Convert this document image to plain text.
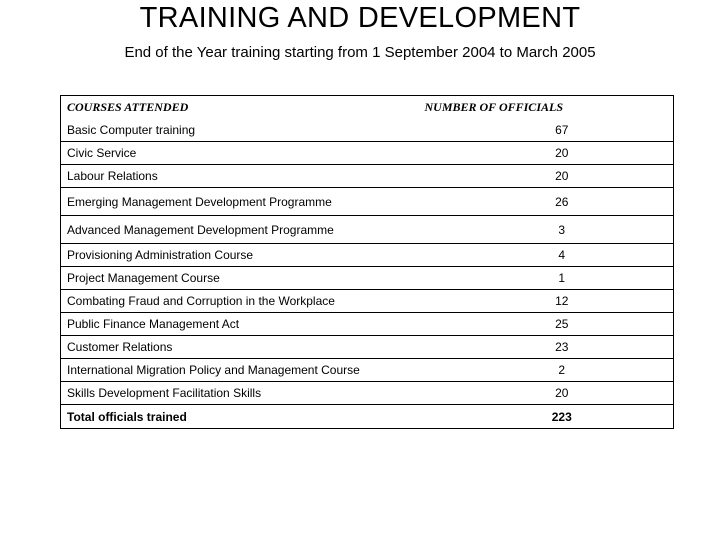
TRAINING AND DEVELOPMENT
End of the Year training starting from 1 September 2004 to March 2005
COURSES ATTENDED	NUMBER OF OFFICIALS
Basic Computer training	67
Civic Service	20
Labour Relations	20
Emerging Management Development Programme	26
Advanced Management Development Programme	3
Provisioning Administration Course	4
Project Management Course	1
Combating Fraud and Corruption in the Workplace	12
Public Finance Management Act	25
Customer Relations	23
International Migration Policy and Management Course	2
Skills Development Facilitation Skills	20
Total officials trained	223
